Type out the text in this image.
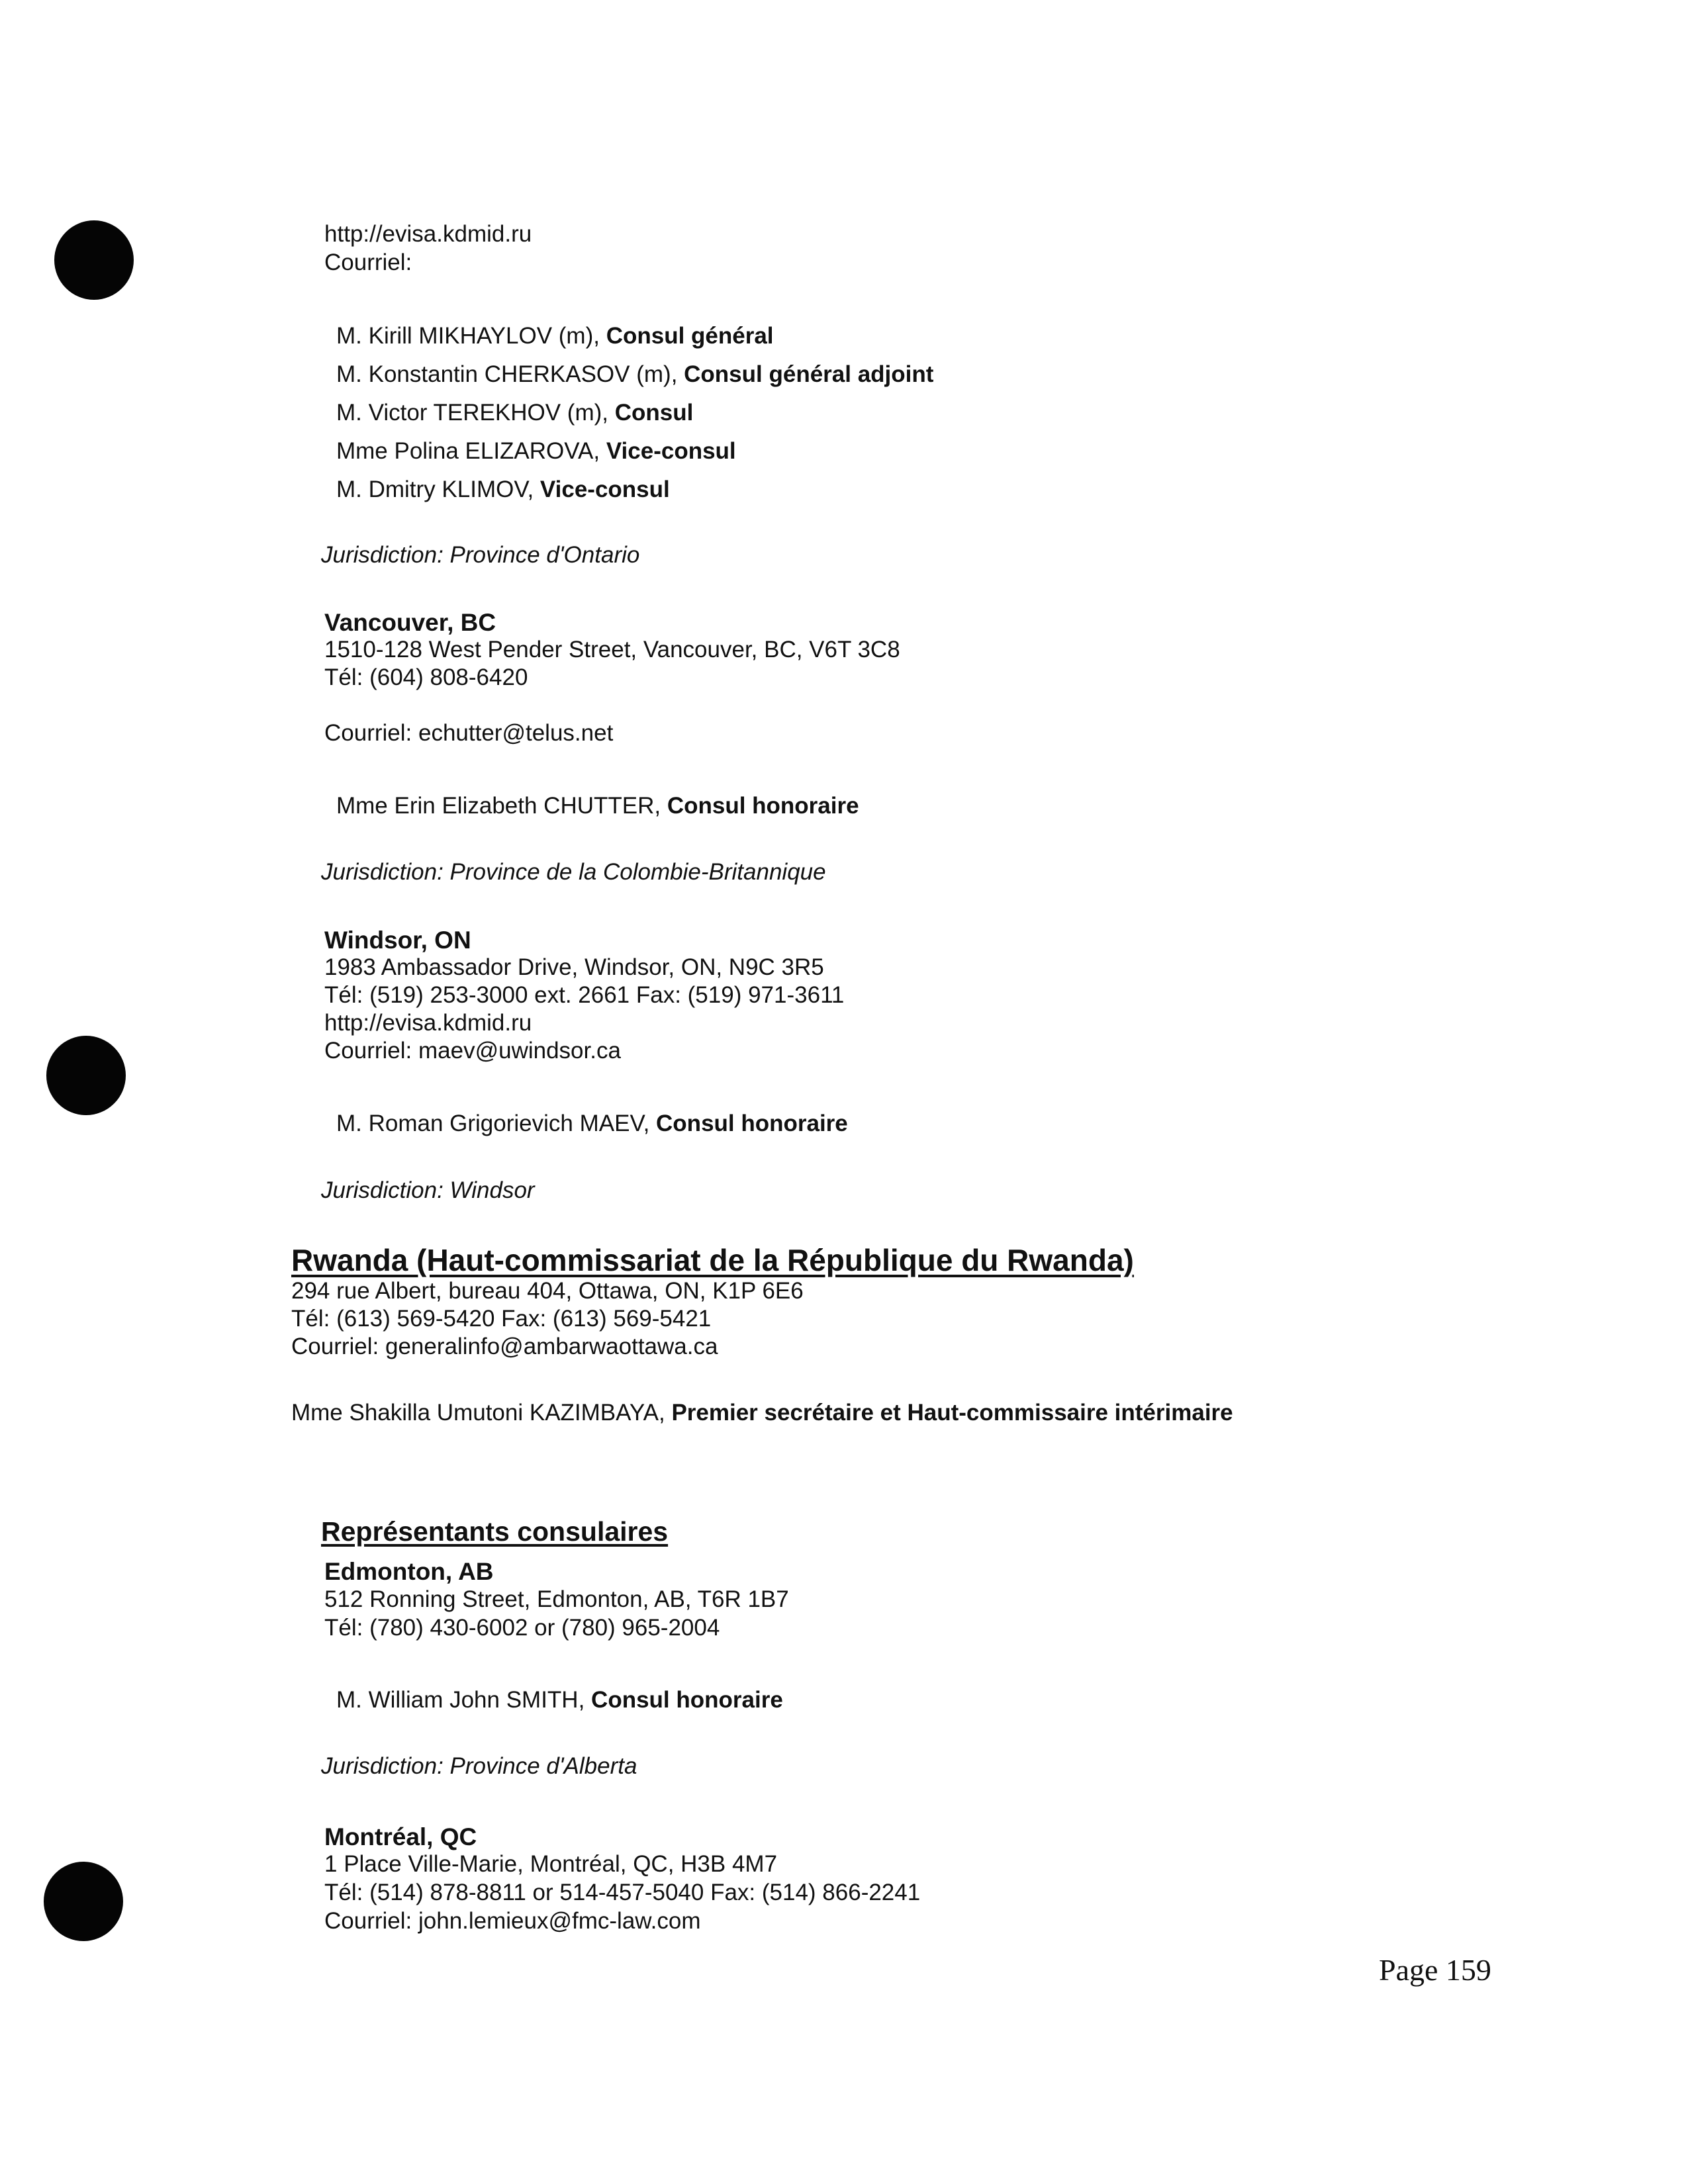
http://evisa.kdmid.ru
Courriel:
M. Kirill MIKHAYLOV (m), Consul général
M. Konstantin CHERKASOV (m), Consul général adjoint
M. Victor TEREKHOV (m), Consul
Mme Polina ELIZAROVA, Vice-consul
M. Dmitry KLIMOV, Vice-consul
Jurisdiction: Province d'Ontario
Vancouver, BC
1510-128 West Pender Street, Vancouver, BC, V6T 3C8
Tél: (604) 808-6420
Courriel: echutter@telus.net
Mme Erin Elizabeth CHUTTER, Consul honoraire
Jurisdiction: Province de la Colombie-Britannique
Windsor, ON
1983 Ambassador Drive, Windsor, ON, N9C 3R5
Tél: (519) 253-3000 ext. 2661 Fax: (519) 971-3611
http://evisa.kdmid.ru
Courriel: maev@uwindsor.ca
M. Roman Grigorievich MAEV, Consul honoraire
Jurisdiction: Windsor
Rwanda (Haut-commissariat de la République du Rwanda)
294 rue Albert, bureau 404, Ottawa, ON, K1P 6E6
Tél: (613) 569-5420 Fax: (613) 569-5421
Courriel: generalinfo@ambarwaottawa.ca
Mme Shakilla Umutoni KAZIMBAYA, Premier secrétaire et Haut-commissaire intérimaire
Représentants consulaires
Edmonton, AB
512 Ronning Street, Edmonton, AB, T6R 1B7
Tél: (780) 430-6002 or (780) 965-2004
M. William John SMITH, Consul honoraire
Jurisdiction: Province d'Alberta
Montréal, QC
1 Place Ville-Marie, Montréal, QC, H3B 4M7
Tél: (514) 878-8811 or 514-457-5040 Fax: (514) 866-2241
Courriel: john.lemieux@fmc-law.com
Page 159
